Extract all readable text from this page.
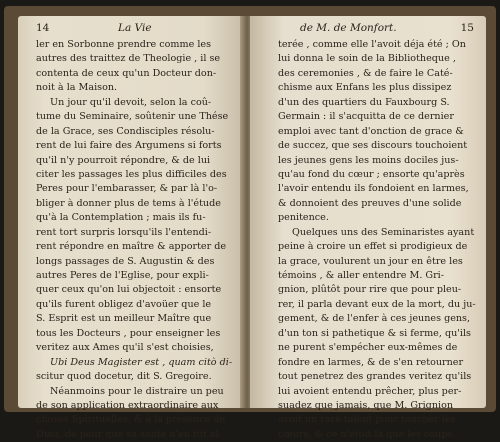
14	La Vie
ler en Sorbonne prendre comme les
autres des traittez de Theologie , il se
contenta de ceux qu'un Docteur don-
noit à la Maison.
Un jour qu'il devoit, selon la coû-
tume du Seminaire, soûtenir une Thése
de la Grace, ses Condisciples résolu-
rent de lui faire des Argumens si forts
qu'il n'y pourroit répondre, & de lui
citer les passages les plus difficiles des
Peres pour l'embarasser, & par là l'o-
bliger à donner plus de tems à l'étude
qu'à la Contemplation ; mais ils fu-
rent tort surpris lorsqu'ils l'entendi-
rent répondre en maître & apporter de
longs passages de S. Augustin & des
autres Peres de l'Eglise, pour expli-
quer ceux qu'on lui objectoit : ensorte
qu'ils furent obligez d'avoüer que le
S. Esprit est un meilleur Maître que
tous les Docteurs , pour enseigner les
veritez aux Ames qu'il s'est choisies,
Ubi Deus Magister est , quam citò di-
scitur quod docetur, dit S. Gregoire.
Néanmoins pour le distraire un peu
de son application extraordinaire aux
choses Spirituelles, & à la présence de
Dieu, de peur que sa santé n'en fût al-
de M. de Monfort.	15
terée , comme elle l'avoit déja été ; On
lui donna le soin de la Bibliotheque ,
des ceremonies , & de faire le Caté-
chisme aux Enfans les plus dissipez
d'un des quartiers du Fauxbourg S.
Germain : il s'acquitta de ce dernier
emploi avec tant d'onction de grace &
de succez, que ses discours touchoient
les jeunes gens les moins dociles jus-
qu'au fond du cœur ; ensorte qu'après
l'avoir entendu ils fondoient en larmes,
& donnoient des preuves d'une solide
penitence.
Quelques uns des Seminaristes ayant
peine à croire un effet si prodigieux de
la grace, voulurent un jour en être les
témoins , & aller entendre M. Gri-
gnion, plûtôt pour rire que pour pleu-
rer, il parla devant eux de la mort, du ju-
gement, & de l'enfer à ces jeunes gens,
d'un ton si pathetique & si ferme, qu'ils
ne purent s'empécher eux-mêmes de
fondre en larmes, & de s'en retourner
tout penetrez des grandes veritez qu'ils
lui avoient entendu prêcher, plus per-
suadez que jamais, que M. Grignion
avoit un rare talent pour toucher les
cœurs, & ce n'étoit là que les coups
